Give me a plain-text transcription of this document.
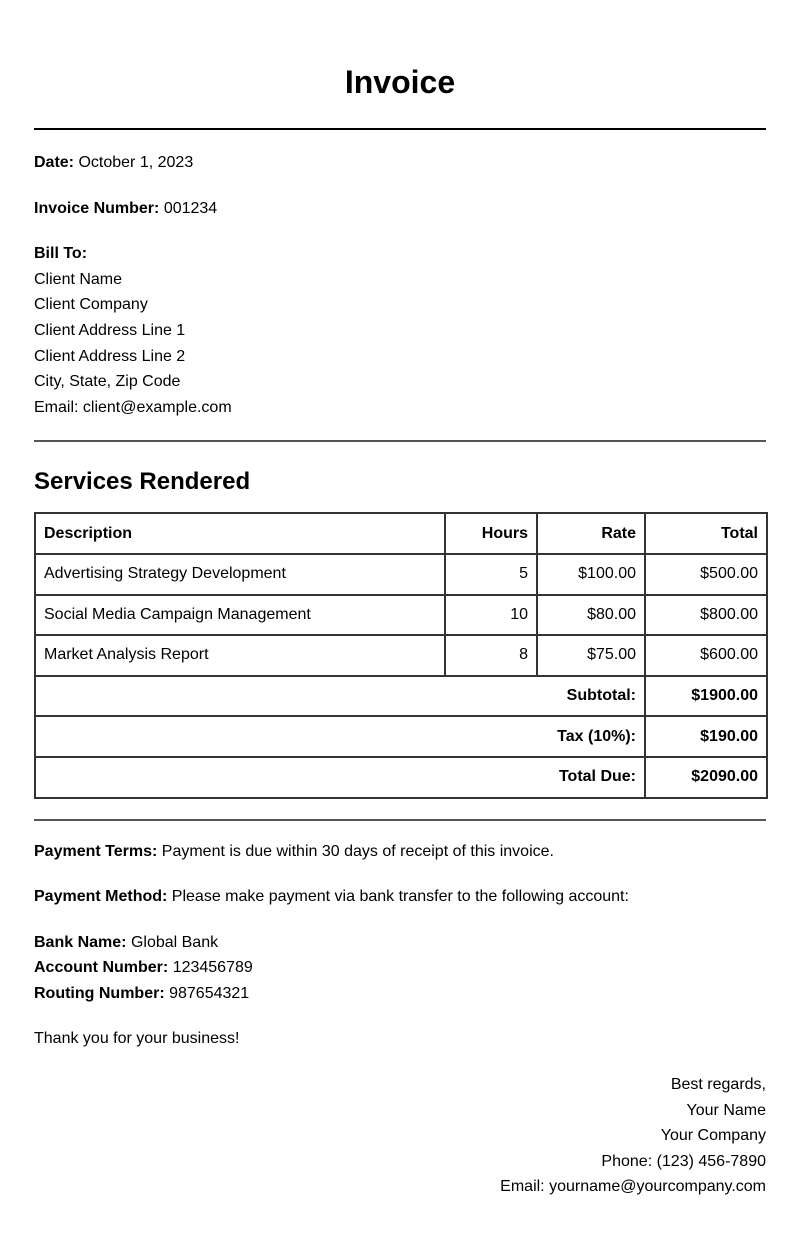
Invoice
Date: October 1, 2023
Invoice Number: 001234
Bill To:
Client Name
Client Company
Client Address Line 1
Client Address Line 2
City, State, Zip Code
Email: client@example.com
Services Rendered
Description	Hours	Rate	Total
Advertising Strategy Development	5	$100.00	$500.00
Social Media Campaign Management	10	$80.00	$800.00
Market Analysis Report	8	$75.00	$600.00
Subtotal:			$1900.00
Tax (10%):			$190.00
Total Due:			$2090.00
Payment Terms: Payment is due within 30 days of receipt of this invoice.
Payment Method: Please make payment via bank transfer to the following account:
Bank Name: Global Bank
Account Number: 123456789
Routing Number: 987654321
Thank you for your business!
Best regards,
Your Name
Your Company
Phone: (123) 456-7890
Email: yourname@yourcompany.com
